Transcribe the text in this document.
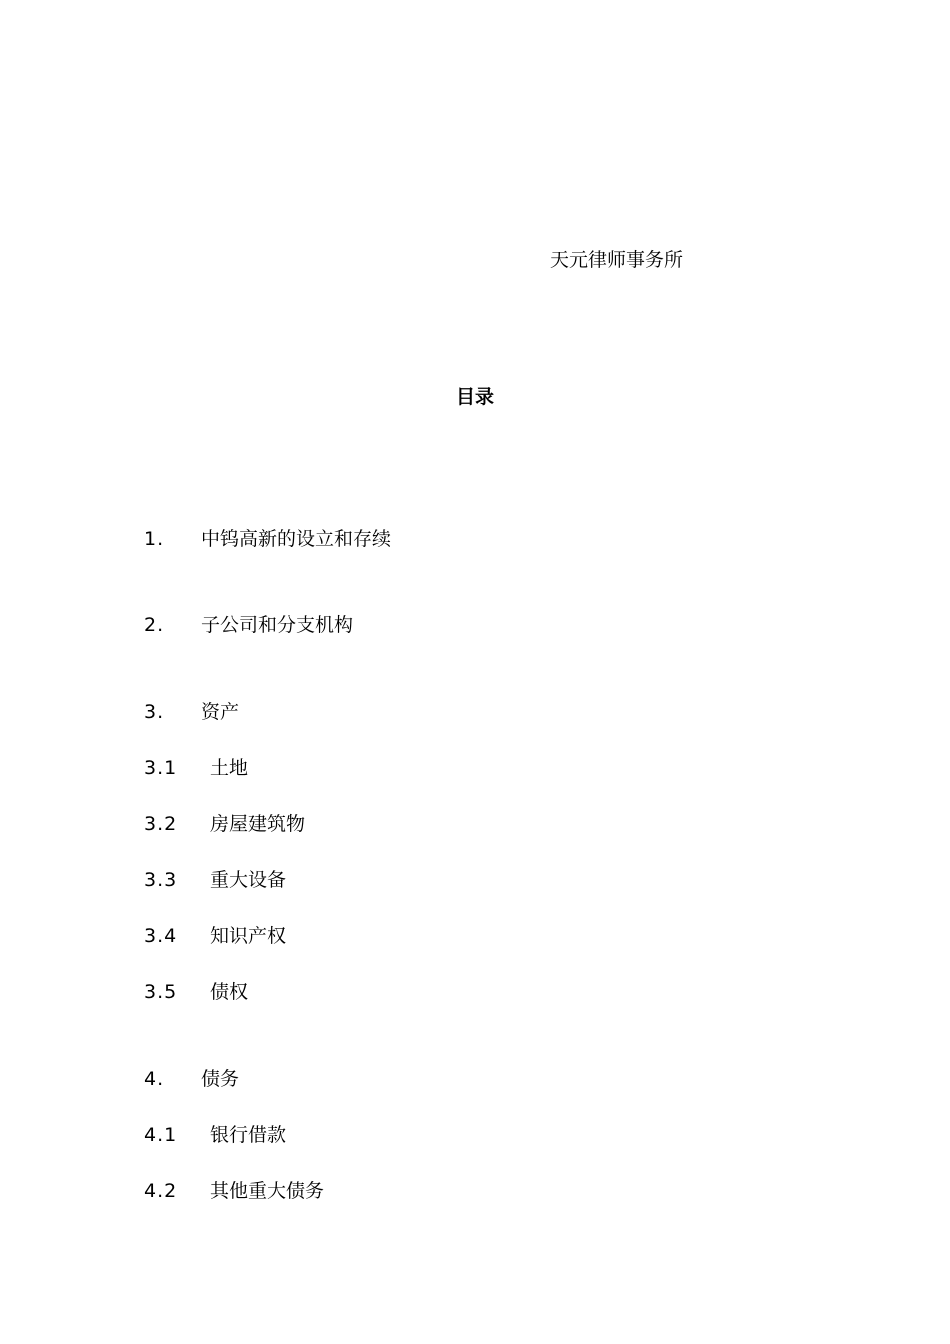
天元律师事务所
目录
1. 中钨高新的设立和存续
2. 子公司和分支机构
3. 资产
3.1 土地
3.2 房屋建筑物
3.3 重大设备
3.4 知识产权
3.5 债权
4. 债务
4.1 银行借款
4.2 其他重大债务
